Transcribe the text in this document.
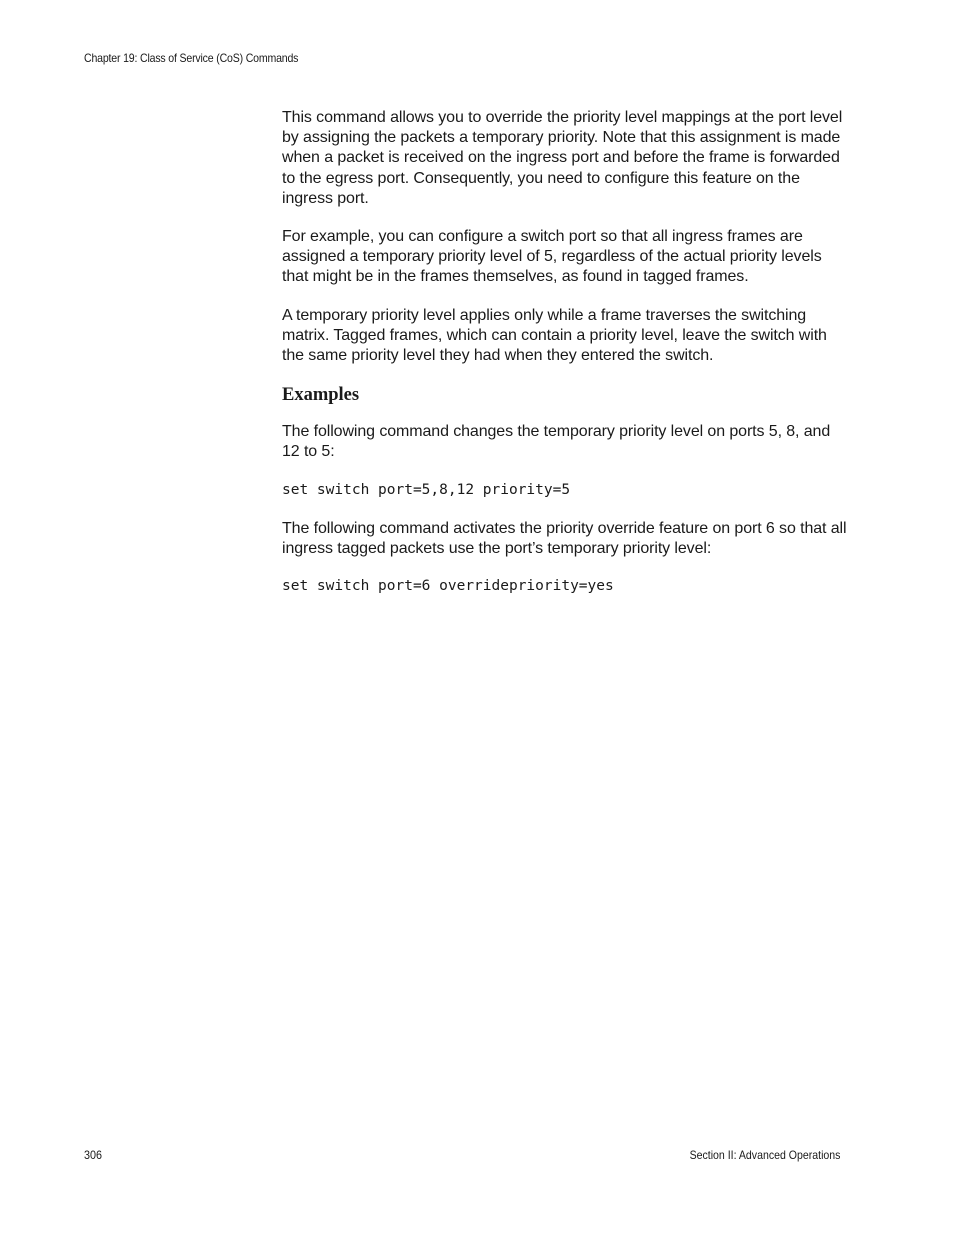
Chapter 19: Class of Service (CoS) Commands

This command allows you to override the priority level mappings at the port level by assigning the packets a temporary priority. Note that this assignment is made when a packet is received on the ingress port and before the frame is forwarded to the egress port. Consequently, you need to configure this feature on the ingress port.

For example, you can configure a switch port so that all ingress frames are assigned a temporary priority level of 5, regardless of the actual priority levels that might be in the frames themselves, as found in tagged frames.

A temporary priority level applies only while a frame traverses the switching matrix. Tagged frames, which can contain a priority level, leave the switch with the same priority level they had when they entered the switch.

Examples

The following command changes the temporary priority level on ports 5, 8, and 12 to 5:

set switch port=5,8,12 priority=5

The following command activates the priority override feature on port 6 so that all ingress tagged packets use the port’s temporary priority level:

set switch port=6 overridepriority=yes
306	Section II: Advanced Operations
